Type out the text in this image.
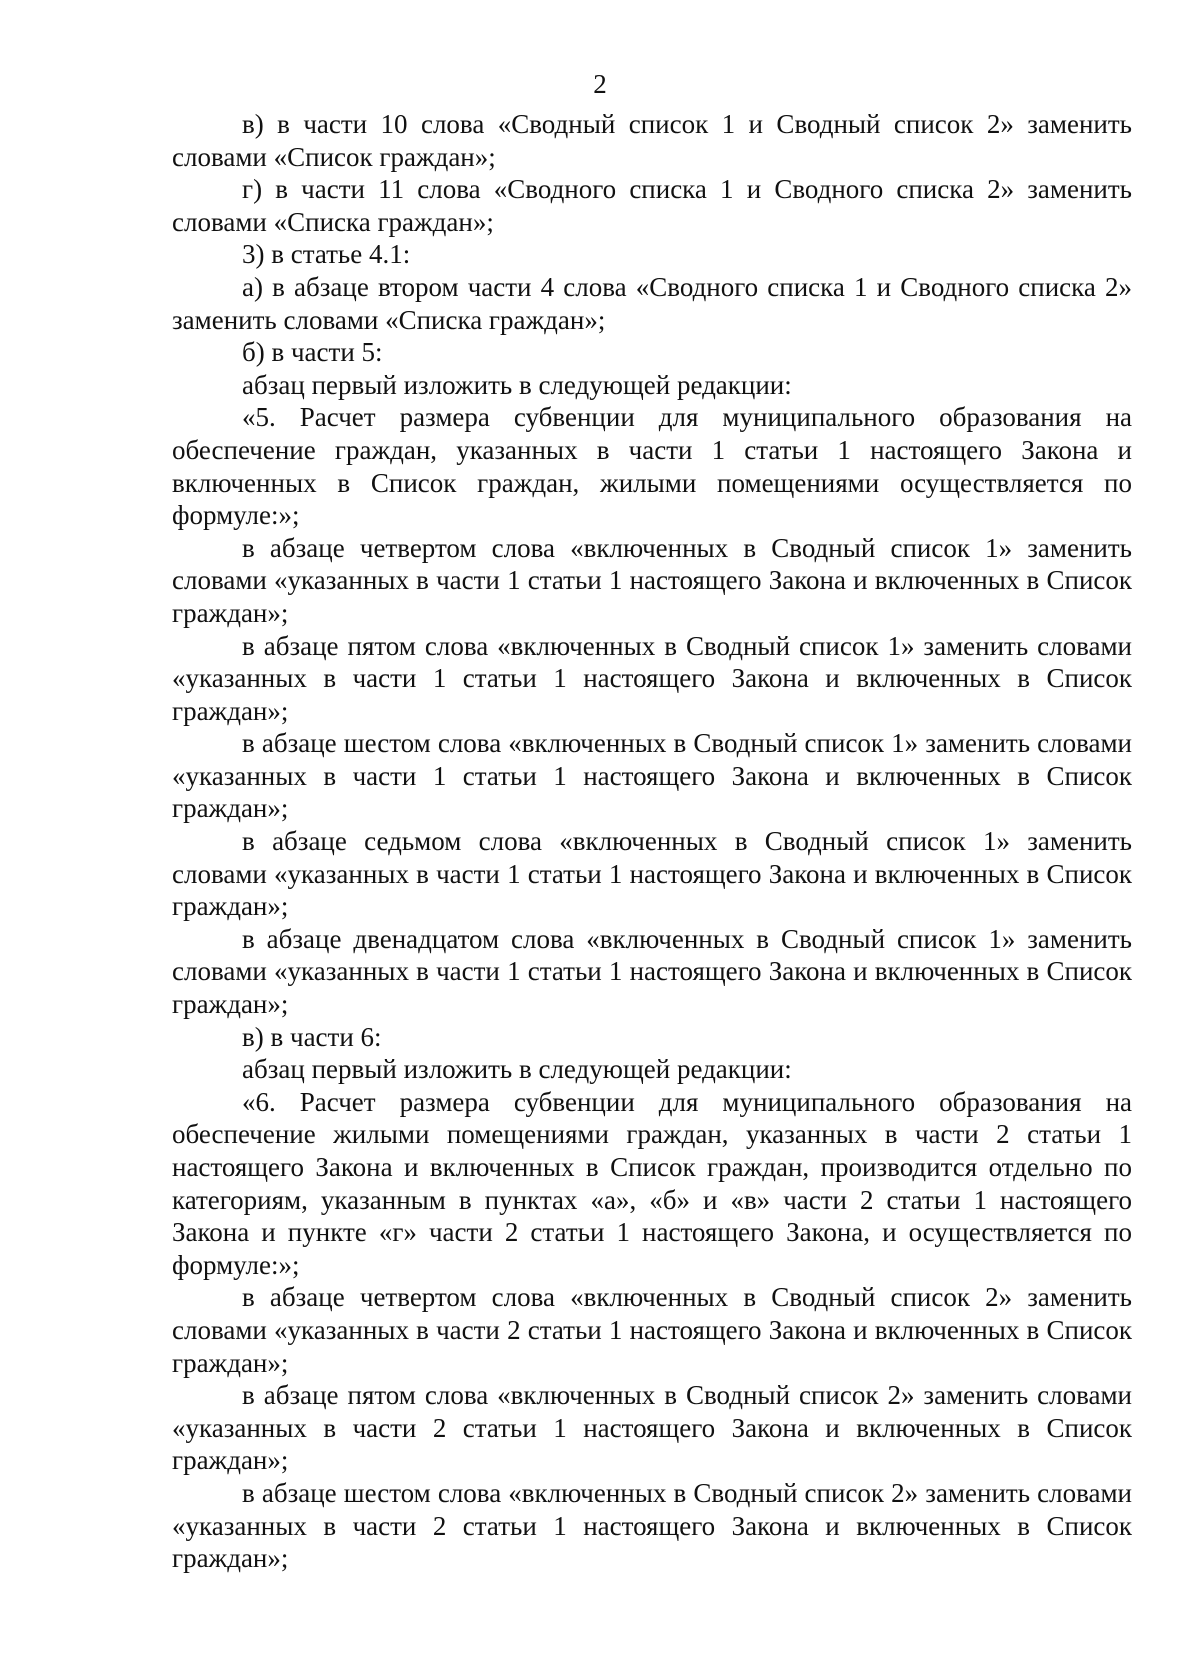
2

в) в части 10 слова «Сводный список 1 и Сводный список 2» заменить словами «Список граждан»;

г) в части 11 слова «Сводного списка 1 и Сводного списка 2» заменить словами «Списка граждан»;

3) в статье 4.1:

а) в абзаце втором части 4 слова «Сводного списка 1 и Сводного списка 2» заменить словами «Списка граждан»;

б) в части 5:

абзац первый изложить в следующей редакции:

«5. Расчет размера субвенции для муниципального образования на обеспечение граждан, указанных в части 1 статьи 1 настоящего Закона и включенных в Список граждан, жилыми помещениями осуществляется по формуле:»;

в абзаце четвертом слова «включенных в Сводный список 1» заменить словами «указанных в части 1 статьи 1 настоящего Закона и включенных в Список граждан»;

в абзаце пятом слова «включенных в Сводный список 1» заменить словами «указанных в части 1 статьи 1 настоящего Закона и включенных в Список граждан»;

в абзаце шестом слова «включенных в Сводный список 1» заменить словами «указанных в части 1 статьи 1 настоящего Закона и включенных в Список граждан»;

в абзаце седьмом слова «включенных в Сводный список 1» заменить словами «указанных в части 1 статьи 1 настоящего Закона и включенных в Список граждан»;

в абзаце двенадцатом слова «включенных в Сводный список 1» заменить словами «указанных в части 1 статьи 1 настоящего Закона и включенных в Список граждан»;

в) в части 6:

абзац первый изложить в следующей редакции:

«6. Расчет размера субвенции для муниципального образования на обеспечение жилыми помещениями граждан, указанных в части 2 статьи 1 настоящего Закона и включенных в Список граждан, производится отдельно по категориям, указанным в пунктах «а», «б» и «в» части 2 статьи 1 настоящего Закона и пункте «г» части 2 статьи 1 настоящего Закона, и осуществляется по формуле:»;

в абзаце четвертом слова «включенных в Сводный список 2» заменить словами «указанных в части 2 статьи 1 настоящего Закона и включенных в Список граждан»;

в абзаце пятом слова «включенных в Сводный список 2» заменить словами «указанных в части 2 статьи 1 настоящего Закона и включенных в Список граждан»;

в абзаце шестом слова «включенных в Сводный список 2» заменить словами «указанных в части 2 статьи 1 настоящего Закона и включенных в Список граждан»;
